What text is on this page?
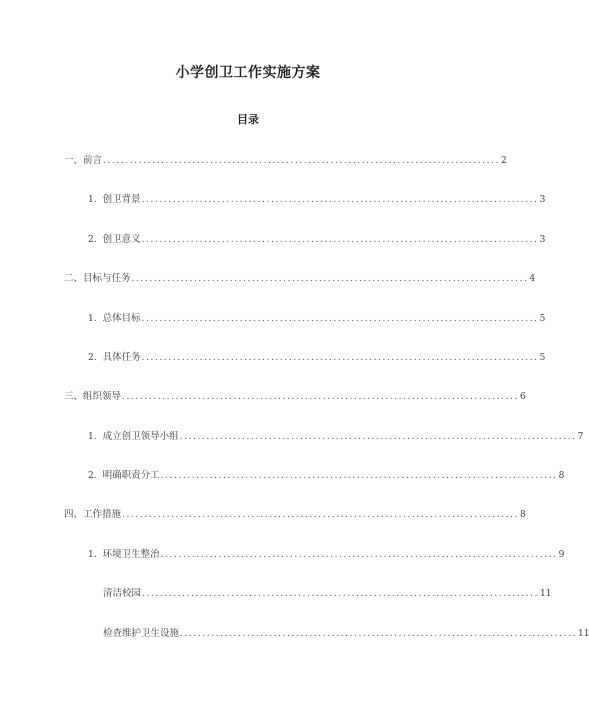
小学创卫工作实施方案
目录
一、前言 ......................................................................................... 2
1. 创卫背景 ......................................................................................... 3
2. 创卫意义 ......................................................................................... 3
二、目标与任务 ......................................................................................... 4
1. 总体目标 ......................................................................................... 5
2. 具体任务 ......................................................................................... 5
三、组织领导 ......................................................................................... 6
1. 成立创卫领导小组 ......................................................................................... 7
2. 明确职责分工 ......................................................................................... 8
四、工作措施 ......................................................................................... 8
1. 环境卫生整治 ......................................................................................... 9
清洁校园 ......................................................................................... 11
检查维护卫生设施 ......................................................................................... 11
